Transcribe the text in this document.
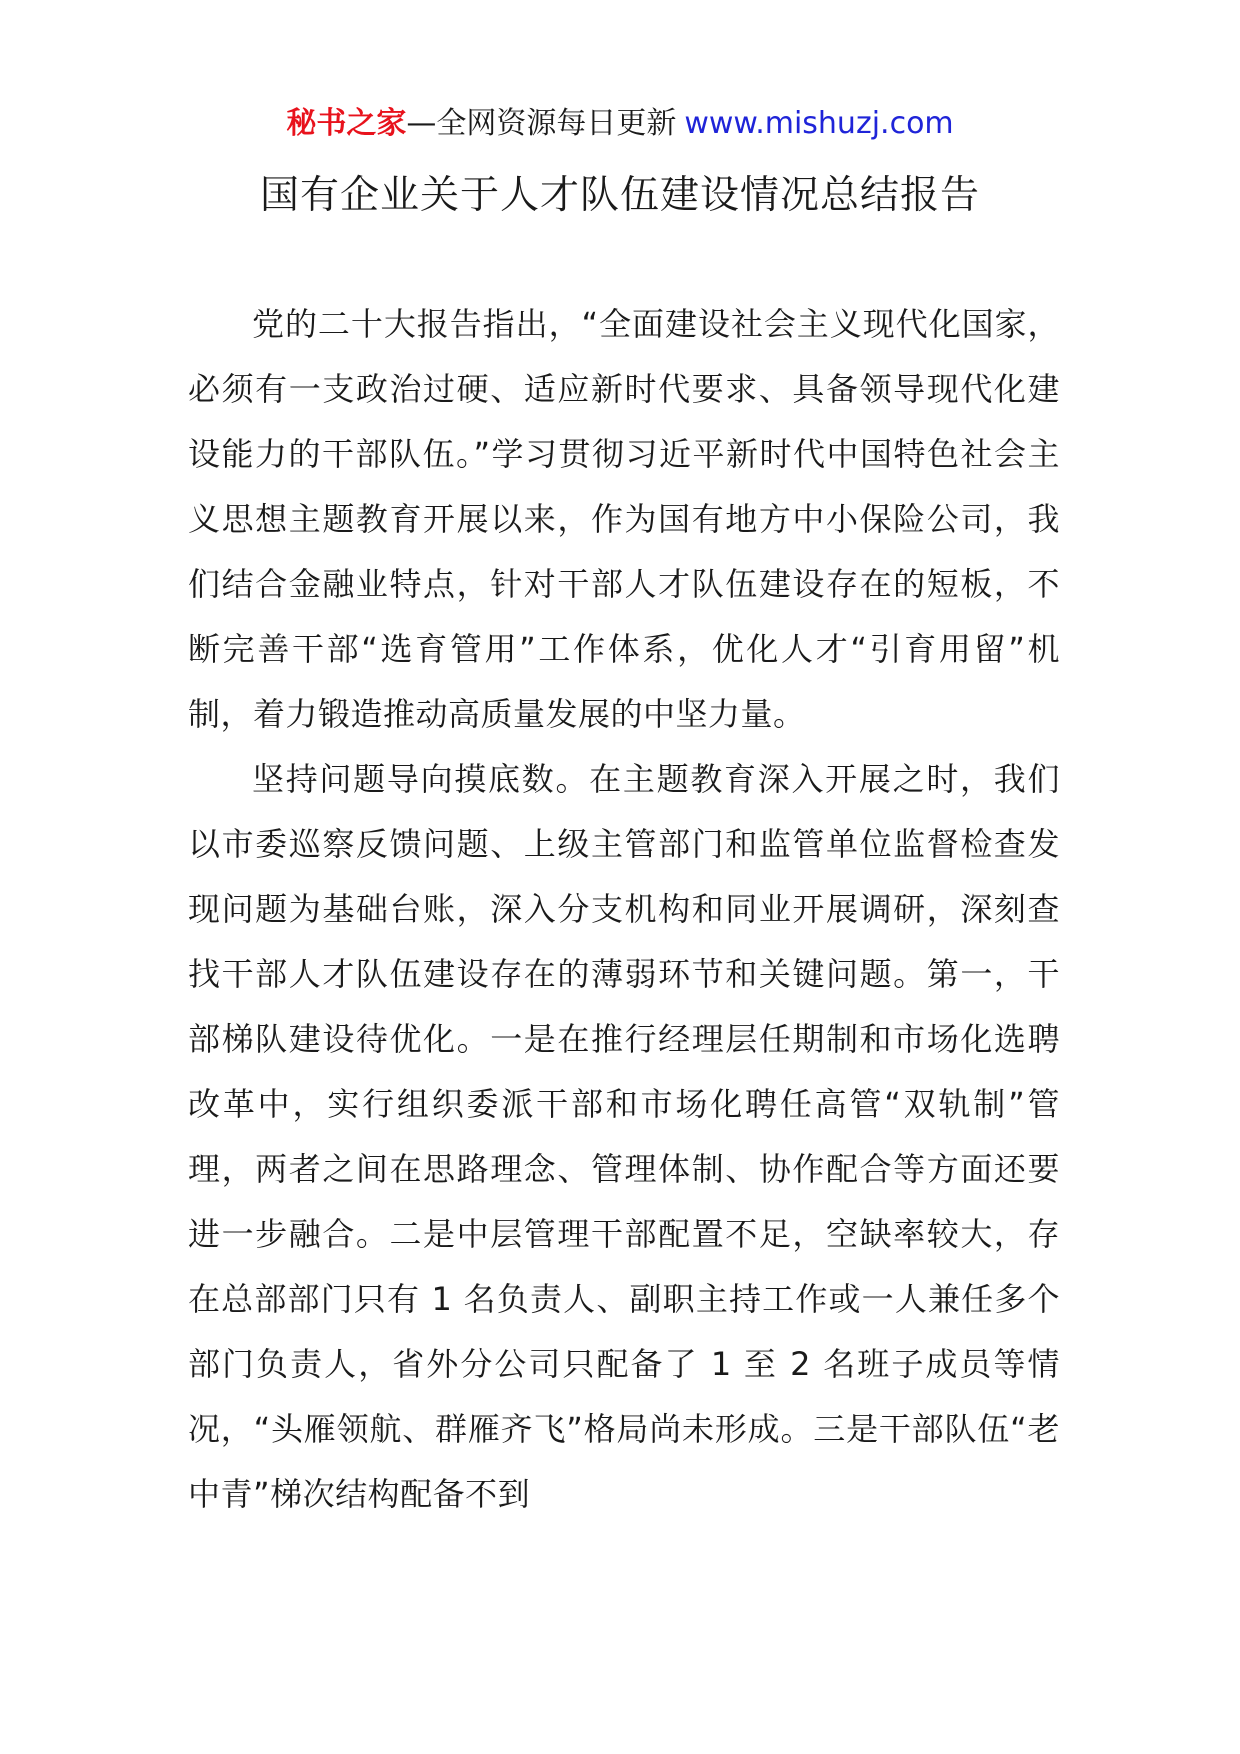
秘书之家—全网资源每日更新 www.mishuzj.com
国有企业关于人才队伍建设情况总结报告

党的二十大报告指出，“全面建设社会主义现代化国家，必须有一支政治过硬、适应新时代要求、具备领导现代化建设能力的干部队伍。”学习贯彻习近平新时代中国特色社会主义思想主题教育开展以来，作为国有地方中小保险公司，我们结合金融业特点，针对干部人才队伍建设存在的短板，不断完善干部“选育管用”工作体系，优化人才“引育用留”机制，着力锻造推动高质量发展的中坚力量。

坚持问题导向摸底数。在主题教育深入开展之时，我们以市委巡察反馈问题、上级主管部门和监管单位监督检查发现问题为基础台账，深入分支机构和同业开展调研，深刻查找干部人才队伍建设存在的薄弱环节和关键问题。第一，干部梯队建设待优化。一是在推行经理层任期制和市场化选聘改革中，实行组织委派干部和市场化聘任高管“双轨制”管理，两者之间在思路理念、管理体制、协作配合等方面还要进一步融合。二是中层管理干部配置不足，空缺率较大，存在总部部门只有 1 名负责人、副职主持工作或一人兼任多个部门负责人，省外分公司只配备了 1 至 2 名班子成员等情况，“头雁领航、群雁齐飞”格局尚未形成。三是干部队伍“老中青”梯次结构配备不到
